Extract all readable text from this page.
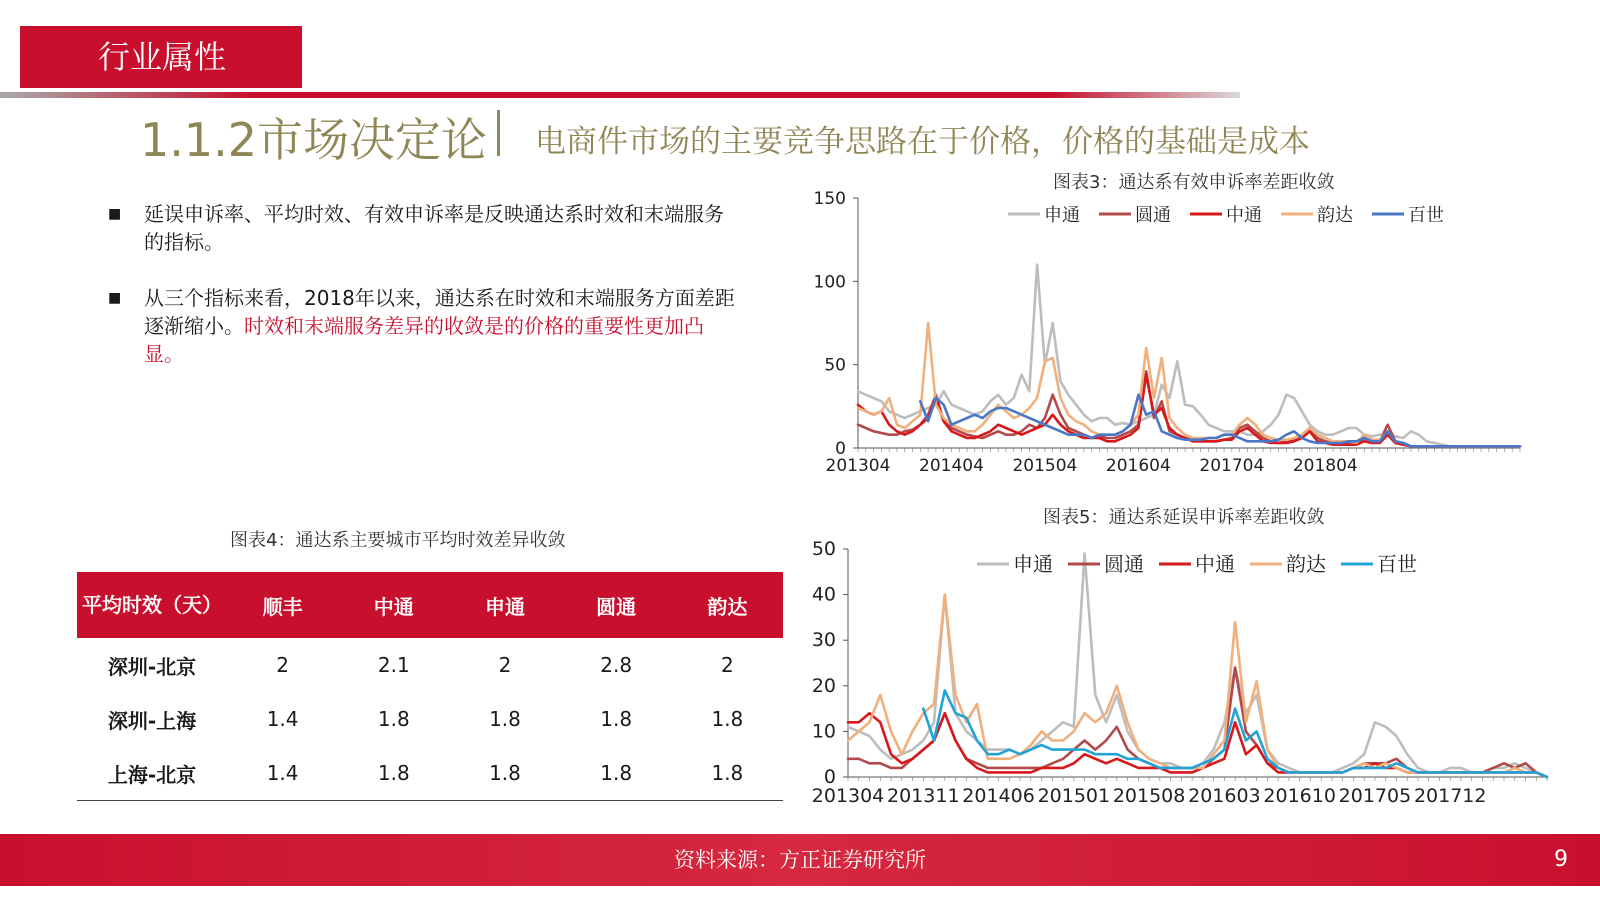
行业属性
1.1.2市场决定论 电商件市场的主要竞争思路在于价格，价格的基础是成本
■ 延误申诉率、平均时效、有效申诉率是反映通达系时效和末端服务的指标。
■ 从三个指标来看，2018年以来，通达系在时效和末端服务方面差距逐渐缩小。时效和末端服务差异的收敛是的价格的重要性更加凸显。
图表3：通达系有效申诉率差距收敛
0
50
100
150
201304 201404 201504 201604 201704 201804
申通	圆通	中通	韵达	百世
图表5：通达系延误申诉率差距收敛
0
10
20
30
40
50
201304 201311 201406 201501 201508 201603 201610 201705 201712
申通	圆通	中通	韵达	百世
图表4：通达系主要城市平均时效差异收敛
平均时效（天）	顺丰	中通	申通	圆通	韵达
深圳-北京	2	2.1	2	2.8	2
深圳-上海	1.4	1.8	1.8	1.8	1.8
上海-北京	1.4	1.8	1.8	1.8	1.8
资料来源：方正证券研究所	9
